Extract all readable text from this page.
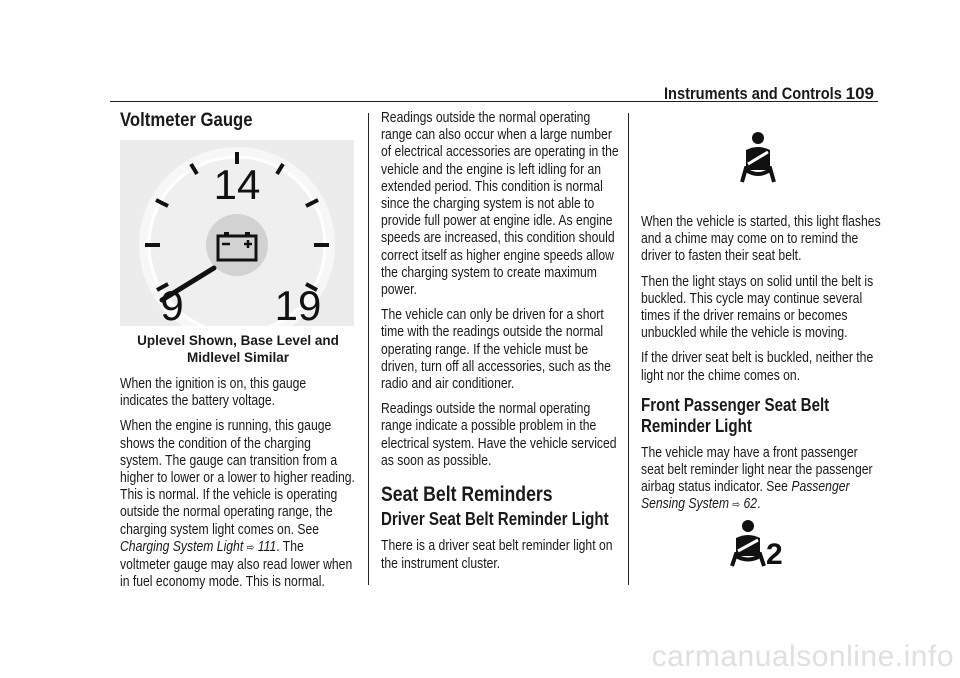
Instruments and Controls 109
Voltmeter Gauge
14
9 19
Uplevel Shown, Base Level and Midlevel Similar

When the ignition is on, this gauge indicates the battery voltage.

When the engine is running, this gauge shows the condition of the charging system. The gauge can transition from a higher to lower or a lower to higher reading. This is normal. If the vehicle is operating outside the normal operating range, the charging system light comes on. See Charging System Light ⇨ 111. The voltmeter gauge may also read lower when in fuel economy mode. This is normal.

Readings outside the normal operating range can also occur when a large number of electrical accessories are operating in the vehicle and the engine is left idling for an extended period. This condition is normal since the charging system is not able to provide full power at engine idle. As engine speeds are increased, this condition should correct itself as higher engine speeds allow the charging system to create maximum power.

The vehicle can only be driven for a short time with the readings outside the normal operating range. If the vehicle must be driven, turn off all accessories, such as the radio and air conditioner.

Readings outside the normal operating range indicate a possible problem in the electrical system. Have the vehicle serviced as soon as possible.

Seat Belt Reminders
Driver Seat Belt Reminder Light

There is a driver seat belt reminder light on the instrument cluster.

When the vehicle is started, this light flashes and a chime may come on to remind the driver to fasten their seat belt.

Then the light stays on solid until the belt is buckled. This cycle may continue several times if the driver remains or becomes unbuckled while the vehicle is moving.

If the driver seat belt is buckled, neither the light nor the chime comes on.

Front Passenger Seat Belt Reminder Light

The vehicle may have a front passenger seat belt reminder light near the passenger airbag status indicator. See Passenger Sensing System ⇨ 62.

2
carmanualsonline.info
